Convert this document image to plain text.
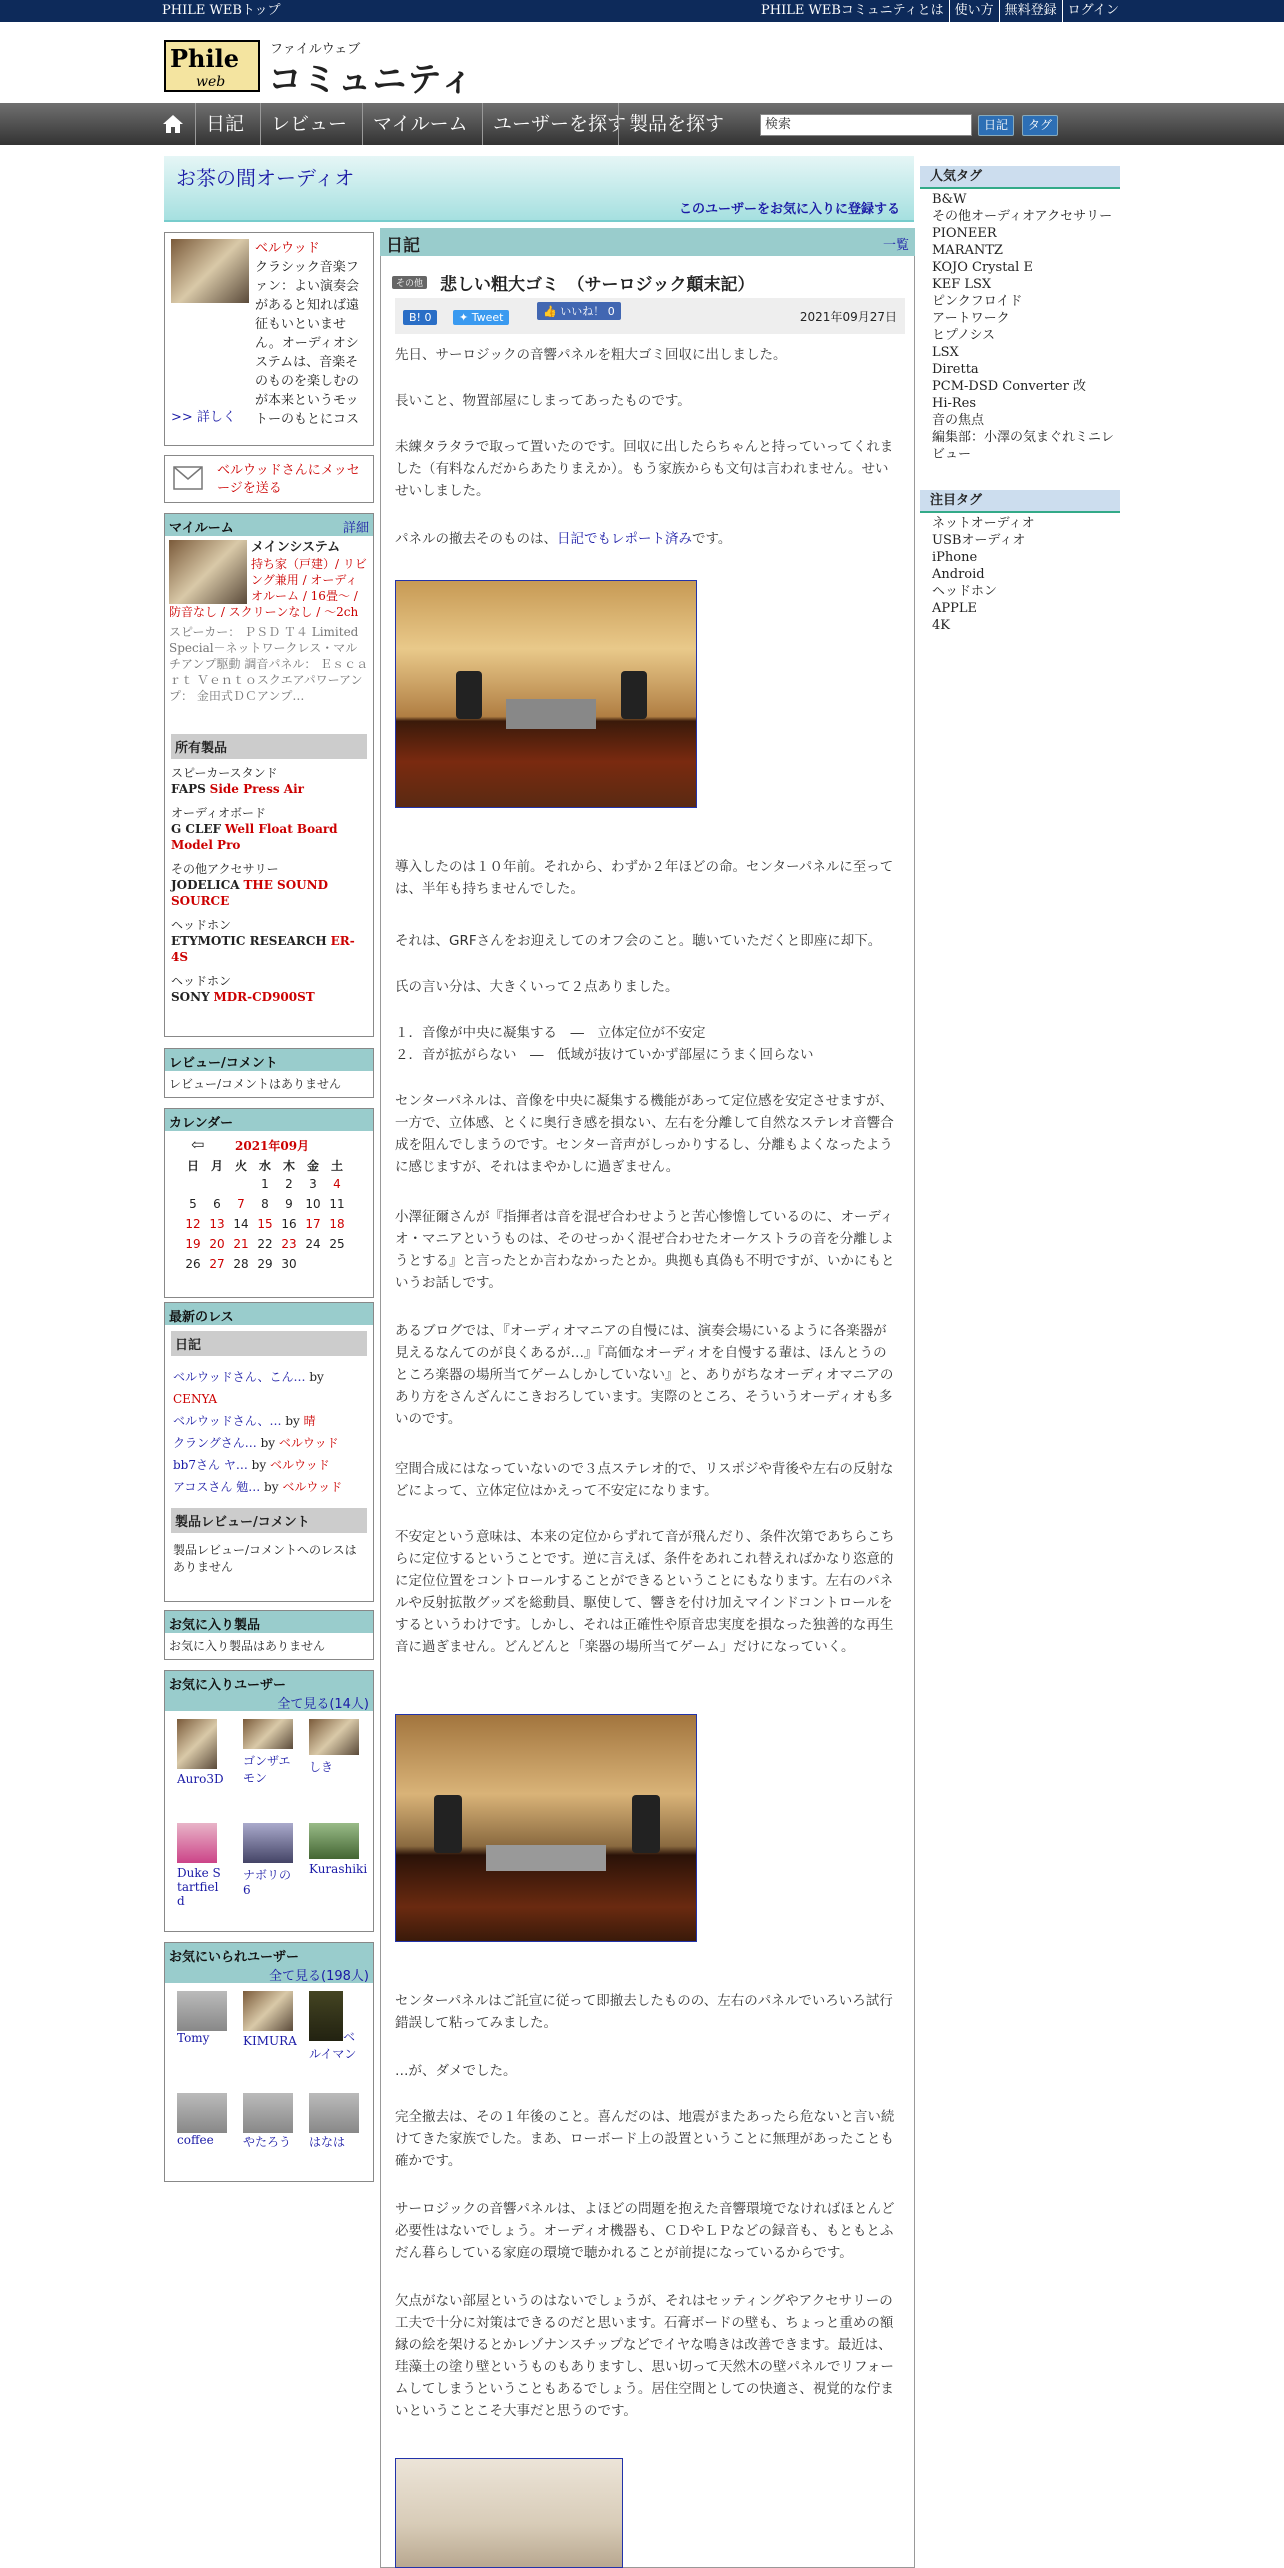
PHILE WEBトップ	PHILE WEBコミュニティとは 使い方 無料登録 ログイン
Phile
web
ファイルウェブ
コミュニティ
日記	レビュー	マイルーム	ユーザーを探す 製品を探す	検索	日記	タグ
お茶の間オーディオ
このユーザーをお気に入りに登録する
ベルウッド
クラシック音楽ファン：よい演奏会があると知れば遠征もいといません。オーディオシステムは、音楽そのものを楽しむのが本来というモットーのもとにコス
>> 詳しく
ベルウッドさんにメッセージを送る
マイルーム	詳細
メインシステム
持ち家（戸建）/ リビング兼用 / オーディオルーム / 16畳～ / 防音なし / スクリーンなし / ～2ch
スピーカー： ＰＳＤ Ｔ４ Limited Special－ネットワークレス・マルチアンプ駆動 調音パネル： Ｅｓｃａｒｔ Ｖｅｎｔｏスクエアパワーアンプ： 金田式ＤＣアンプ…
所有製品
スピーカースタンド
FAPS Side Press Air
オーディオボード
G CLEF Well Float Board Model Pro
その他アクセサリー
JODELICA THE SOUND SOURCE
ヘッドホン
ETYMOTIC RESEARCH ER-4S
ヘッドホン
SONY MDR-CD900ST
レビュー/コメント
レビュー/コメントはありません
カレンダー
⇦	2021年09月
日	月	火	水	木	金	土
			1	2	3	4
5	6	7	8	9	10	11
12	13	14	15	16	17	18
19	20	21	22	23	24	25
26	27	28	29	30		
最新のレス
日記
ベルウッドさん、こん… by CENYA
ベルウッドさん、… by 晴
クラングさん… by ベルウッド
bb7さん ヤ… by ベルウッド
アコスさん 勉… by ベルウッド
製品レビュー/コメント
製品レビュー/コメントへのレスはありません
お気に入り製品
お気に入り製品はありません
お気に入りユーザー
全て見る(14人)
Auro3D
ゴンザエモン
しき
Duke Startfield
ナボリの6
Kurashiki
お気にいられユーザー
全て見る(198人)
Tomy	KIMURA	ベルイマン
coffee	やたろう	はなは
日記	一覧
その他 悲しい粗大ゴミ　（サーロジック顛末記）
B! 0	✦ Tweet	👍 いいね！ 0	2021年09月27日
先日、サーロジックの音響パネルを粗大ゴミ回収に出しました。
長いこと、物置部屋にしまってあったものです。
未練タラタラで取って置いたのです。回収に出したらちゃんと持っていってくれました（有料なんだからあたりまえか）。もう家族からも文句は言われません。せいせいしました。
パネルの撤去そのものは、日記でもレポート済みです。
導入したのは１０年前。それから、わずか２年ほどの命。センターパネルに至っては、半年も持ちませんでした。
それは、GRFさんをお迎えしてのオフ会のこと。聴いていただくと即座に却下。
氏の言い分は、大きくいって２点ありました。
１．音像が中央に凝集する　―　立体定位が不安定
２．音が拡がらない　―　低域が抜けていかず部屋にうまく回らない
センターパネルは、音像を中央に凝集する機能があって定位感を安定させますが、一方で、立体感、とくに奥行き感を損ない、左右を分離して自然なステレオ音響合成を阻んでしまうのです。センター音声がしっかりするし、分離もよくなったように感じますが、それはまやかしに過ぎません。
小澤征爾さんが『指揮者は音を混ぜ合わせようと苦心惨憺しているのに、オーディオ・マニアというものは、そのせっかく混ぜ合わせたオーケストラの音を分離しようとする』と言ったとか言わなかったとか。典拠も真偽も不明ですが、いかにもというお話しです。
あるブログでは、『オーディオマニアの自慢には、演奏会場にいるように各楽器が見えるなんてのが良くあるが…』『高価なオーディオを自慢する輩は、ほんとうのところ楽器の場所当てゲームしかしていない』と、ありがちなオーディオマニアのあり方をさんざんにこきおろしています。実際のところ、そういうオーディオも多いのです。
空間合成にはなっていないので３点ステレオ的で、リスポジや背後や左右の反射などによって、立体定位はかえって不安定になります。
不安定という意味は、本来の定位からずれて音が飛んだり、条件次第であちらこちらに定位するということです。逆に言えば、条件をあれこれ替えればかなり恣意的に定位位置をコントロールすることができるということにもなります。左右のパネルや反射拡散グッズを総動員、駆使して、響きを付け加えマインドコントロールをするというわけです。しかし、それは正確性や原音忠実度を損なった独善的な再生音に過ぎません。どんどんと「楽器の場所当てゲーム」だけになっていく。
センターパネルはご託宣に従って即撤去したものの、左右のパネルでいろいろ試行錯誤して粘ってみました。
…が、ダメでした。
完全撤去は、その１年後のこと。喜んだのは、地震がまたあったら危ないと言い続けてきた家族でした。まあ、ローボード上の設置ということに無理があったことも確かです。
サーロジックの音響パネルは、よほどの問題を抱えた音響環境でなければほとんど必要性はないでしょう。オーディオ機器も、ＣＤやＬＰなどの録音も、もともとふだん暮らしている家庭の環境で聴かれることが前提になっているからです。
欠点がない部屋というのはないでしょうが、それはセッティングやアクセサリーの工夫で十分に対策はできるのだと思います。石膏ボードの壁も、ちょっと重めの額縁の絵を架けるとかレゾナンスチップなどでイヤな鳴きは改善できます。最近は、珪藻土の塗り壁というものもありますし、思い切って天然木の壁パネルでリフォームしてしまうということもあるでしょう。居住空間としての快適さ、視覚的な佇まいということこそ大事だと思うのです。
人気タグ
B&W
その他オーディオアクセサリー
PIONEER
MARANTZ
KOJO Crystal E
KEF LSX
ピンクフロイド
アートワーク
ヒプノシス
LSX
Diretta
PCM-DSD Converter 改
Hi-Res
音の焦点
編集部：小澤の気まぐれミニレビュー
注目タグ
ネットオーディオ
USBオーディオ
iPhone
Android
ヘッドホン
APPLE
4K
